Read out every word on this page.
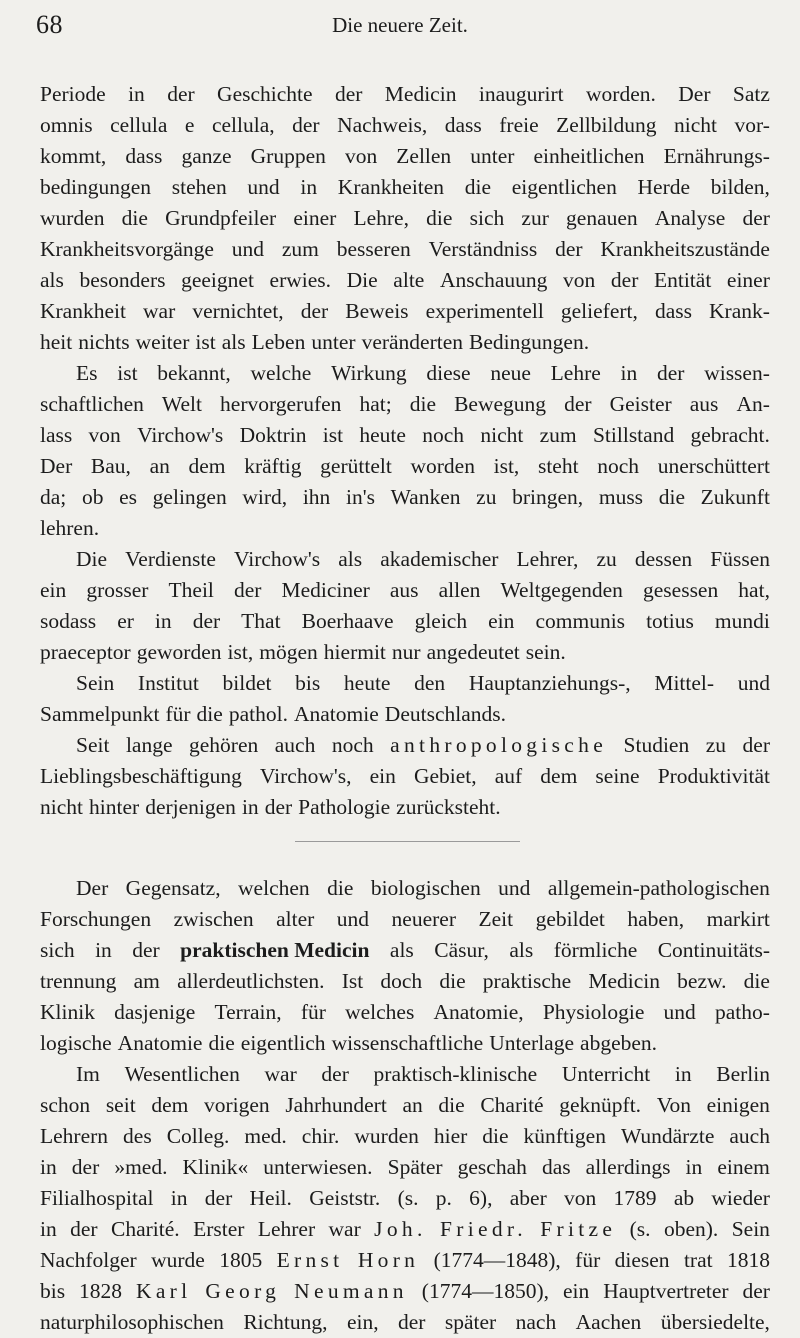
68	Die neuere Zeit.
Periode in der Geschichte der Medicin inaugurirt worden. Der Satz
omnis cellula e cellula, der Nachweis, dass freie Zellbildung nicht vor-
kommt, dass ganze Gruppen von Zellen unter einheitlichen Ernährungs-
bedingungen stehen und in Krankheiten die eigentlichen Herde bilden,
wurden die Grundpfeiler einer Lehre, die sich zur genauen Analyse der
Krankheitsvorgänge und zum besseren Verständniss der Krankheitszustände
als besonders geeignet erwies. Die alte Anschauung von der Entität einer
Krankheit war vernichtet, der Beweis experimentell geliefert, dass Krank-
heit nichts weiter ist als Leben unter veränderten Bedingungen.
Es ist bekannt, welche Wirkung diese neue Lehre in der wissen-
schaftlichen Welt hervorgerufen hat; die Bewegung der Geister aus An-
lass von Virchow's Doktrin ist heute noch nicht zum Stillstand gebracht.
Der Bau, an dem kräftig gerüttelt worden ist, steht noch unerschüttert
da; ob es gelingen wird, ihn in's Wanken zu bringen, muss die Zukunft
lehren.
Die Verdienste Virchow's als akademischer Lehrer, zu dessen Füssen
ein grosser Theil der Mediciner aus allen Weltgegenden gesessen hat,
sodass er in der That Boerhaave gleich ein communis totius mundi
praeceptor geworden ist, mögen hiermit nur angedeutet sein.
Sein Institut bildet bis heute den Hauptanziehungs-, Mittel- und
Sammelpunkt für die pathol. Anatomie Deutschlands.
Seit lange gehören auch noch anthropologische Studien zu der
Lieblingsbeschäftigung Virchow's, ein Gebiet, auf dem seine Produktivität
nicht hinter derjenigen in der Pathologie zurücksteht.
Der Gegensatz, welchen die biologischen und allgemein-pathologischen
Forschungen zwischen alter und neuerer Zeit gebildet haben, markirt
sich in der praktischen Medicin als Cäsur, als förmliche Continuitäts-
trennung am allerdeutlichsten. Ist doch die praktische Medicin bezw. die
Klinik dasjenige Terrain, für welches Anatomie, Physiologie und patho-
logische Anatomie die eigentlich wissenschaftliche Unterlage abgeben.
Im Wesentlichen war der praktisch-klinische Unterricht in Berlin
schon seit dem vorigen Jahrhundert an die Charité geknüpft. Von einigen
Lehrern des Colleg. med. chir. wurden hier die künftigen Wundärzte auch
in der »med. Klinik« unterwiesen. Später geschah das allerdings in einem
Filialhospital in der Heil. Geiststr. (s. p. 6), aber von 1789 ab wieder
in der Charité. Erster Lehrer war Joh. Friedr. Fritze (s. oben). Sein
Nachfolger wurde 1805 Ernst Horn (1774—1848), für diesen trat 1818
bis 1828 Karl Georg Neumann (1774—1850), ein Hauptvertreter der
naturphilosophischen Richtung, ein, der später nach Aachen übersiedelte,
